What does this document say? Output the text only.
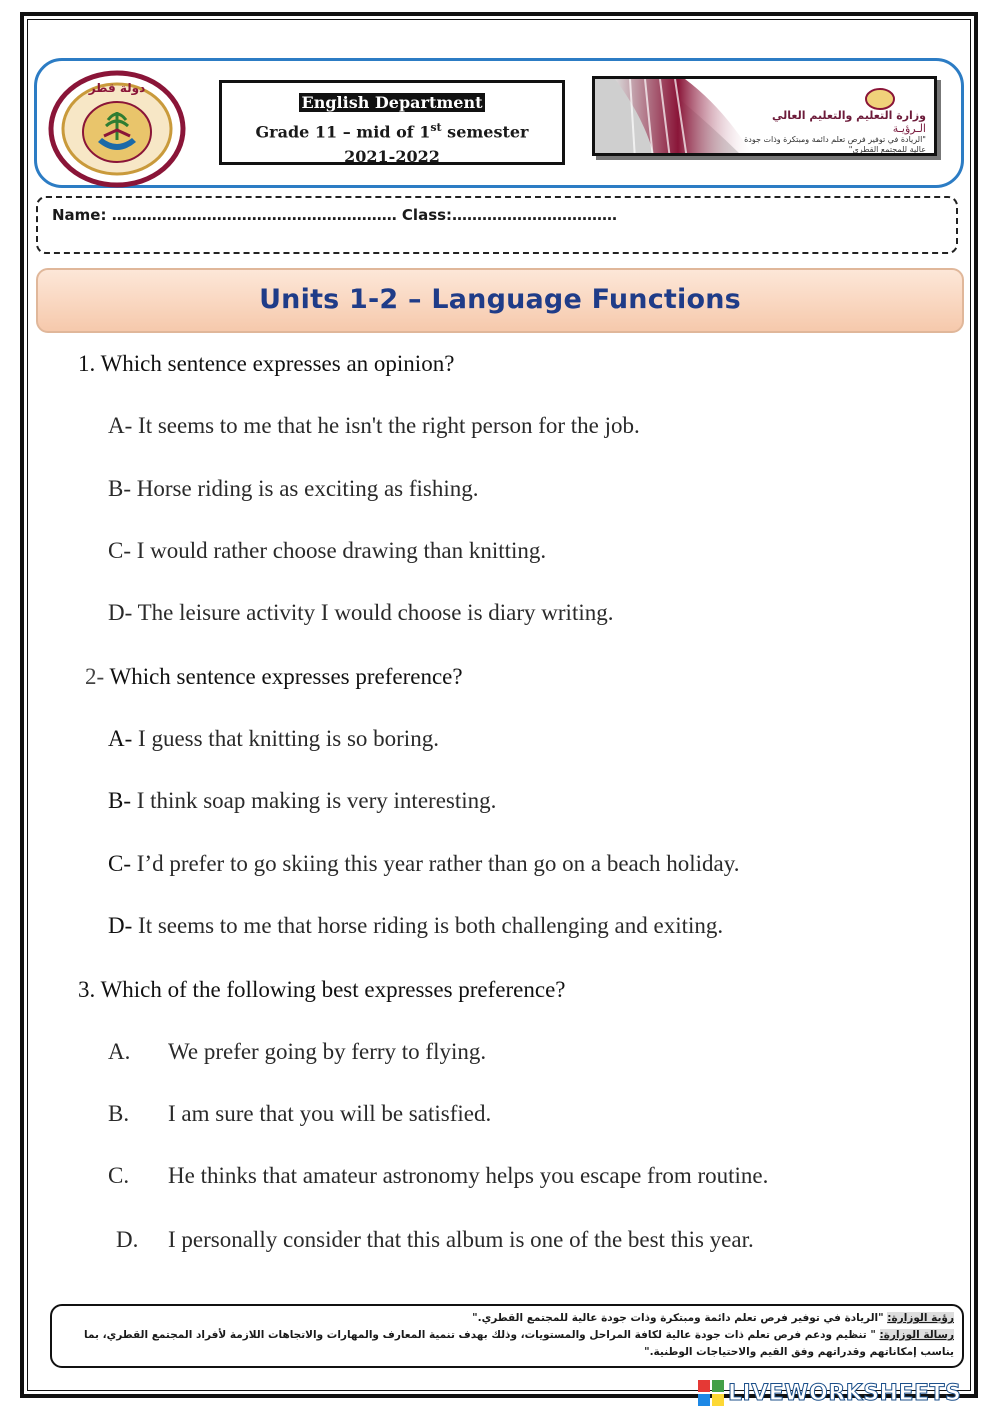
دولة قطر
English Department
Grade 11 – mid of 1st semester
2021-2022
وزارة التعليم والتعليم العالي
الـرؤيـة
"الريادة في توفير فرص تعلم دائمة ومبتكرة وذات جودة عالية للمجتمع القطري"
Name: ………………………………………………… Class:……………………………
Units 1-2 – Language Functions
1. Which sentence expresses an opinion?
A- It seems to me that he isn't the right person for the job.
B- Horse riding is as exciting as fishing.
C- I would rather choose drawing than knitting.
D- The leisure activity I would choose is diary writing.
2- Which sentence expresses preference?
A- I guess that knitting is so boring.
B- I think soap making is very interesting.
C- I’d prefer to go skiing this year rather than go on a beach holiday.
D- It seems to me that horse riding is both challenging and exiting.
3. Which of the following best expresses preference?
A. We prefer going by ferry to flying.
B. I am sure that you will be satisfied.
C. He thinks that amateur astronomy helps you escape from routine.
D. I personally consider that this album is one of the best this year.
رؤية الوزارة: "الريادة في توفير فرص تعلم دائمة ومبتكرة وذات جودة عالية للمجتمع القطري."
رسالة الوزارة: " تنظيم ودعم فرص تعلم ذات جودة عالية لكافة المراحل والمستويات، وذلك بهدف تنمية المعارف والمهارات والاتجاهات اللازمة لأفراد المجتمع القطري، بما
يناسب إمكاناتهم وقدراتهم وفق القيم والاحتياجات الوطنية."
LIVEWORKSHEETS
